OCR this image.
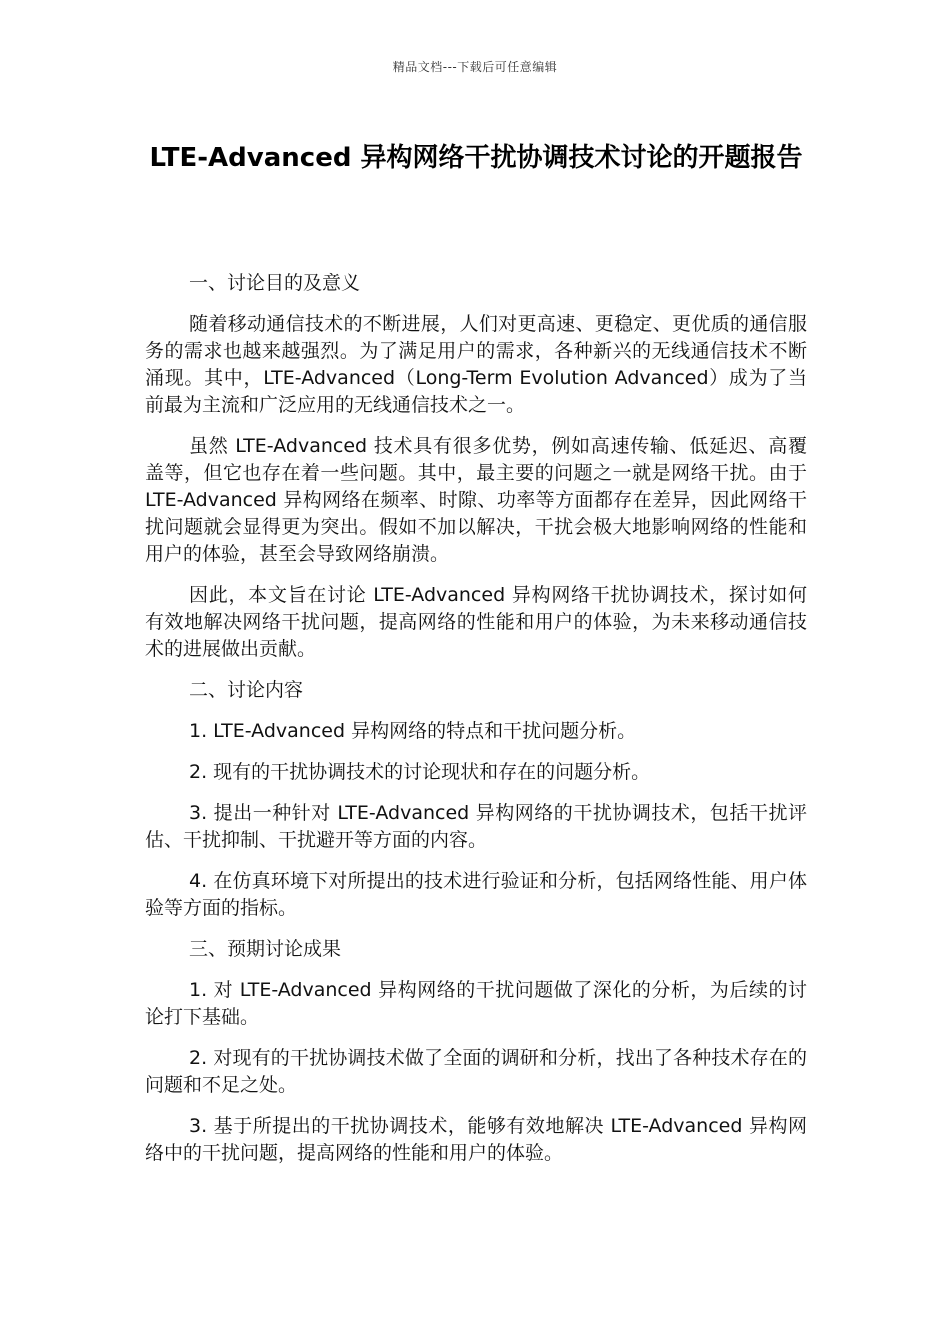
精品文档---下载后可任意编辑
LTE-Advanced 异构网络干扰协调技术讨论的开题报告

一、讨论目的及意义

随着移动通信技术的不断进展，人们对更高速、更稳定、更优质的通信服务的需求也越来越强烈。为了满足用户的需求，各种新兴的无线通信技术不断涌现。其中，LTE-Advanced（Long-Term Evolution Advanced）成为了当前最为主流和广泛应用的无线通信技术之一。

虽然 LTE-Advanced 技术具有很多优势，例如高速传输、低延迟、高覆盖等，但它也存在着一些问题。其中，最主要的问题之一就是网络干扰。由于 LTE-Advanced 异构网络在频率、时隙、功率等方面都存在差异，因此网络干扰问题就会显得更为突出。假如不加以解决，干扰会极大地影响网络的性能和用户的体验，甚至会导致网络崩溃。

因此，本文旨在讨论 LTE-Advanced 异构网络干扰协调技术，探讨如何有效地解决网络干扰问题，提高网络的性能和用户的体验，为未来移动通信技术的进展做出贡献。

二、讨论内容

1. LTE-Advanced 异构网络的特点和干扰问题分析。

2. 现有的干扰协调技术的讨论现状和存在的问题分析。

3. 提出一种针对 LTE-Advanced 异构网络的干扰协调技术，包括干扰评估、干扰抑制、干扰避开等方面的内容。

4. 在仿真环境下对所提出的技术进行验证和分析，包括网络性能、用户体验等方面的指标。

三、预期讨论成果

1. 对 LTE-Advanced 异构网络的干扰问题做了深化的分析，为后续的讨论打下基础。

2. 对现有的干扰协调技术做了全面的调研和分析，找出了各种技术存在的问题和不足之处。

3. 基于所提出的干扰协调技术，能够有效地解决 LTE-Advanced 异构网络中的干扰问题，提高网络的性能和用户的体验。
